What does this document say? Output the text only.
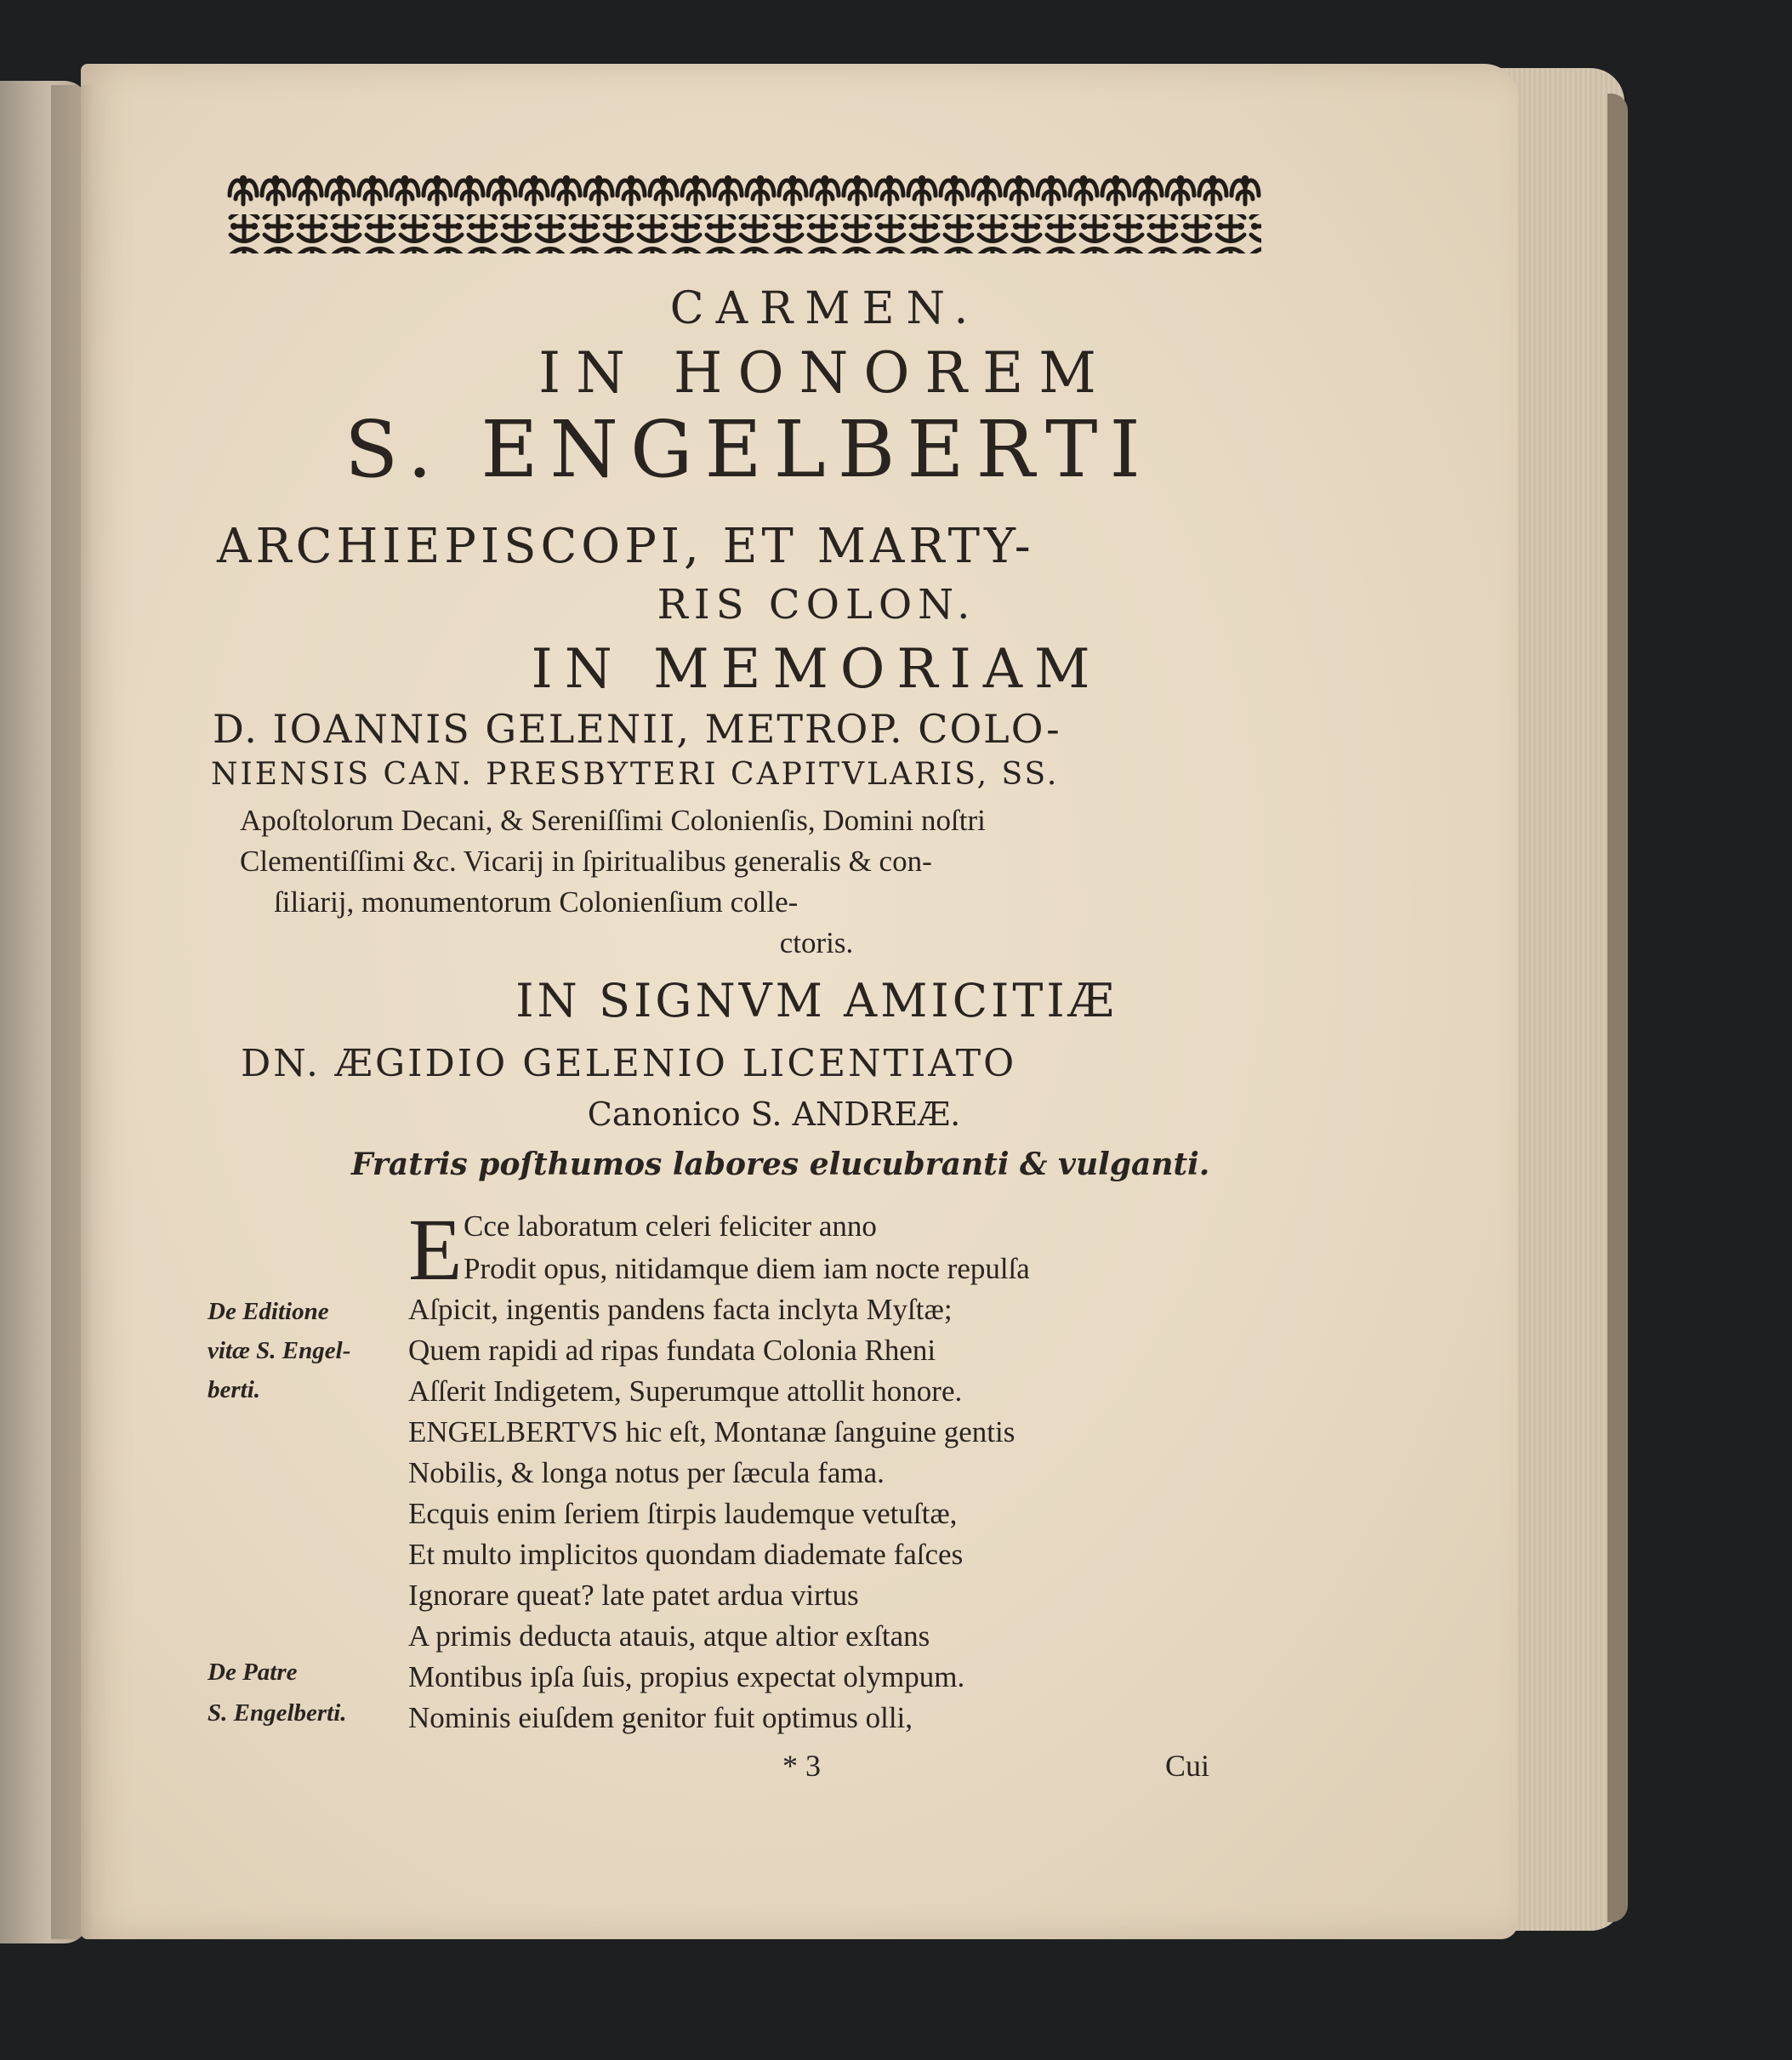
CARMEN.
IN HONOREM
S. ENGELBERTI
ARCHIEPISCOPI, ET MARTY-
RIS COLON.
IN MEMORIAM
D. IOANNIS GELENII, METROP. COLO-
NIENSIS CAN. PRESBYTERI CAPITVLARIS, SS.
Apoſtolorum Decani, & Sereniſſimi Colonienſis, Domini noſtri
Clementiſſimi &c. Vicarij in ſpiritualibus generalis & con-
ſiliarij, monumentorum Colonienſium colle-
ctoris.
IN SIGNVM AMICITIÆ
DN. ÆGIDIO GELENIO LICENTIATO
Canonico S. ANDREÆ.
Fratris poſthumos labores elucubranti & vulganti.
E Cce laboratum celeri feliciter anno
Prodit opus, nitidamque diem iam nocte repulſa
Aſpicit, ingentis pandens facta inclyta Myſtæ;
Quem rapidi ad ripas fundata Colonia Rheni
Aſſerit Indigetem, Superumque attollit honore.
ENGELBERTVS hic eſt, Montanæ ſanguine gentis
Nobilis, & longa notus per ſæcula fama.
Ecquis enim ſeriem ſtirpis laudemque vetuſtæ,
Et multo implicitos quondam diademate faſces
Ignorare queat? late patet ardua virtus
A primis deducta atauis, atque altior exſtans
Montibus ipſa ſuis, propius expectat olympum.
Nominis eiuſdem genitor fuit optimus olli,
De Editione
vitæ S. Engel-
berti.
De Patre
S. Engelberti.
* 3	Cui
